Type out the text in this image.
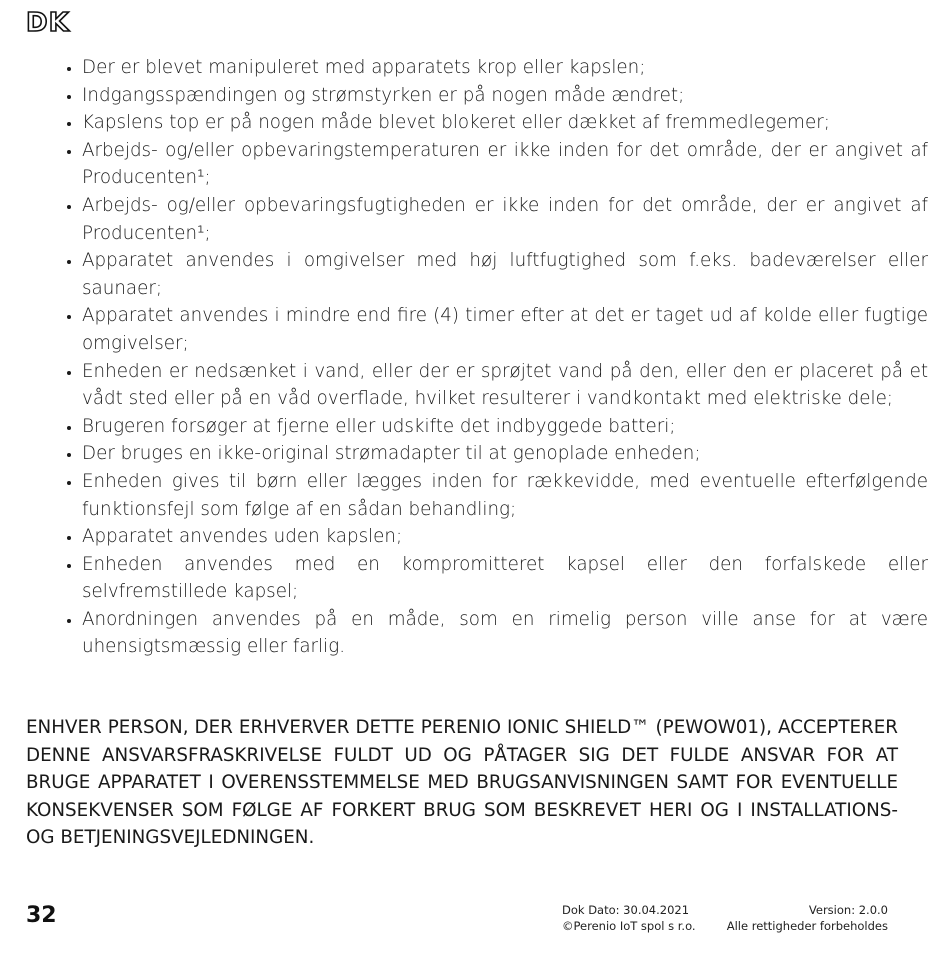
DK
• Der er blevet manipuleret med apparatets krop eller kapslen;
• Indgangsspændingen og strømstyrken er på nogen måde ændret;
• Kapslens top er på nogen måde blevet blokeret eller dækket af fremmedlegemer;
• Arbejds- og/eller opbevaringstemperaturen er ikke inden for det område, der er angivet af Producenten¹;
• Arbejds- og/eller opbevaringsfugtigheden er ikke inden for det område, der er angivet af Producenten¹;
• Apparatet anvendes i omgivelser med høj luftfugtighed som f.eks. badeværelser eller saunaer;
• Apparatet anvendes i mindre end fire (4) timer efter at det er taget ud af kolde eller fugtige omgivelser;
• Enheden er nedsænket i vand, eller der er sprøjtet vand på den, eller den er placeret på et vådt sted eller på en våd overflade, hvilket resulterer i vandkontakt med elektriske dele;
• Brugeren forsøger at fjerne eller udskifte det indbyggede batteri;
• Der bruges en ikke-original strømadapter til at genoplade enheden;
• Enheden gives til børn eller lægges inden for rækkevidde, med eventuelle efterfølgende funktionsfejl som følge af en sådan behandling;
• Apparatet anvendes uden kapslen;
• Enheden anvendes med en kompromitteret kapsel eller den forfalskede eller selvfremstillede kapsel;
• Anordningen anvendes på en måde, som en rimelig person ville anse for at være uhensigtsmæssig eller farlig.

ENHVER PERSON, DER ERHVERVER DETTE PERENIO IONIC SHIELD™ (PEWOW01), ACCEPTERER DENNE ANSVARSFRASKRIVELSE FULDT UD OG PÅTAGER SIG DET FULDE ANSVAR FOR AT BRUGE APPARATET I OVERENSSTEMMELSE MED BRUGSANVISNINGEN SAMT FOR EVENTUELLE KONSEKVENSER SOM FØLGE AF FORKERT BRUG SOM BESKREVET HERI OG I INSTALLATIONS- OG BETJENINGSVEJLEDNINGEN.

32	Dok Dato: 30.04.2021	Version: 2.0.0
©Perenio IoT spol s r.o.	Alle rettigheder forbeholdes
